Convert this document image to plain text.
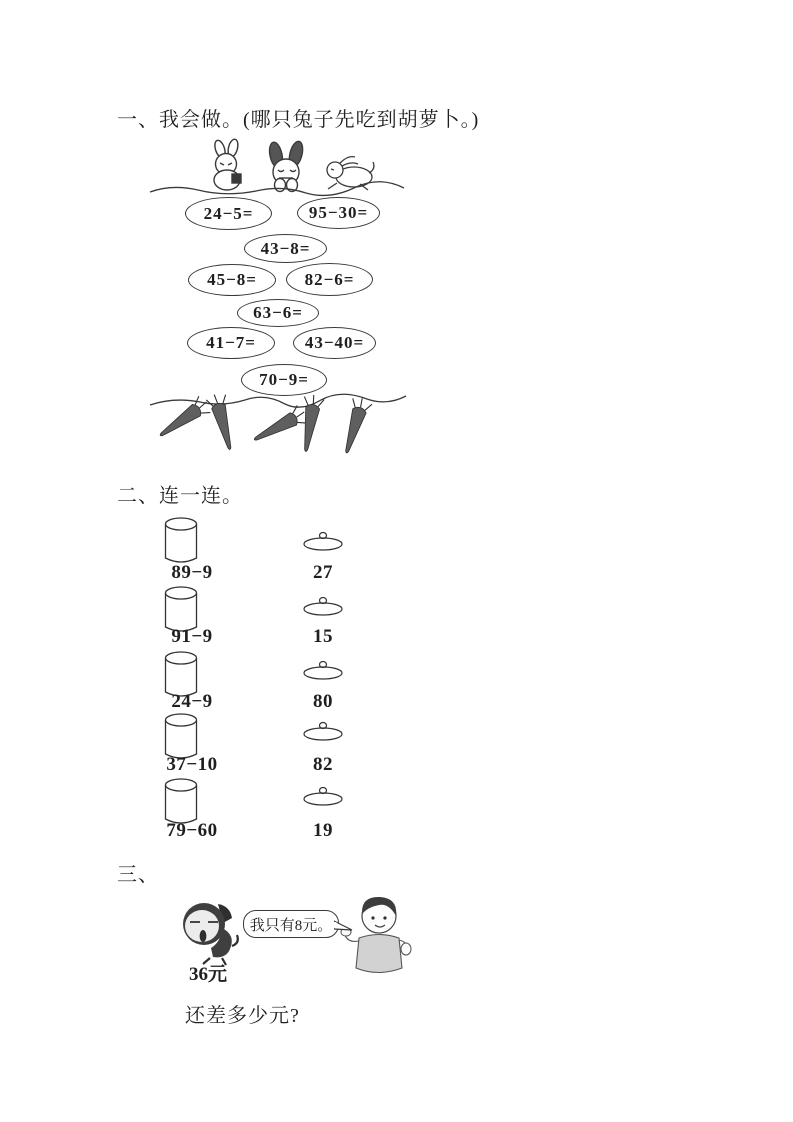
一、我会做。(哪只兔子先吃到胡萝卜。)
24−5=	95−30=
43−8=
45−8=	82−6=
63−6=
41−7=	43−40=
70−9=
二、连一连。
89−9	27
91−9	15
24−9	80
37−10	82
79−60	19
三、
36元
我只有8元。
还差多少元?
